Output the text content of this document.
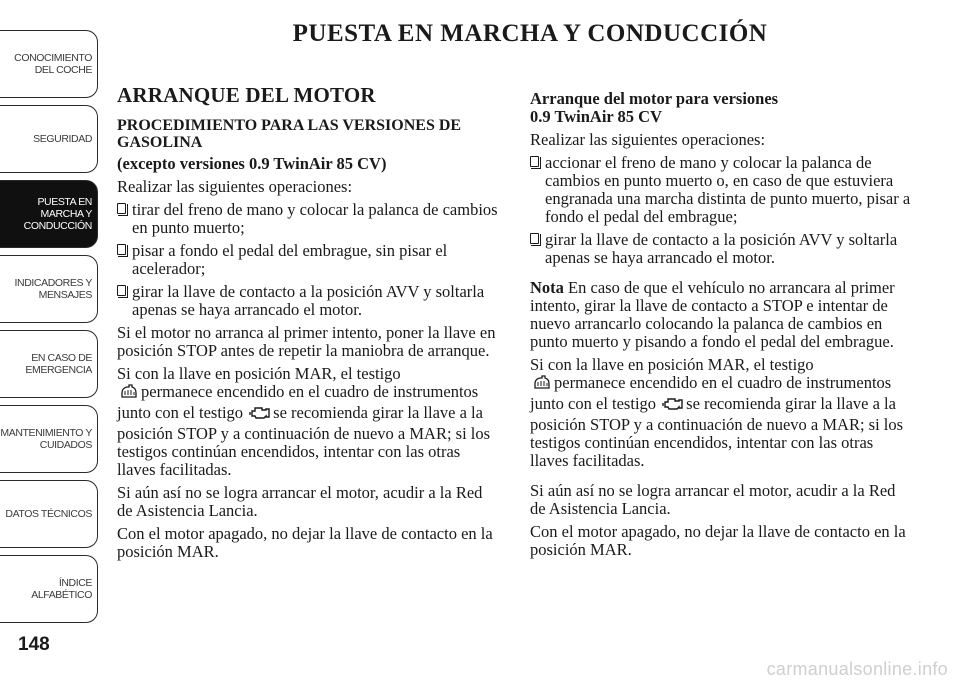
CONOCIMIENTO
DEL COCHE
SEGURIDAD
PUESTA EN
MARCHA Y
CONDUCCIÓN
INDICADORES Y
MENSAJES
EN CASO DE
EMERGENCIA
MANTENIMIENTO Y
CUIDADOS
DATOS TÉCNICOS
ÍNDICE
ALFABÉTICO
148
PUESTA EN MARCHA Y CONDUCCIÓN
ARRANQUE DEL MOTOR
PROCEDIMIENTO PARA LAS VERSIONES DE GASOLINA
(excepto versiones 0.9 TwinAir 85 CV)

Realizar las siguientes operaciones:

tirar del freno de mano y colocar la palanca de cambios en punto muerto;
pisar a fondo el pedal del embrague, sin pisar el acelerador;
girar la llave de contacto a la posición AVV y soltarla apenas se haya arrancado el motor.

Si el motor no arranca al primer intento, poner la llave en posición STOP antes de repetir la maniobra de arranque.

Si con la llave en posición MAR, el testigo
permanece encendido en el cuadro de instrumentos junto con el testigo se recomienda girar la llave a la posición STOP y a continuación de nuevo a MAR; si los testigos continúan encendidos, intentar con las otras llaves facilitadas.

Si aún así no se logra arrancar el motor, acudir a la Red de Asistencia Lancia.

Con el motor apagado, no dejar la llave de contacto en la posición MAR.

Arranque del motor para versiones
0.9 TwinAir 85 CV

Realizar las siguientes operaciones:

accionar el freno de mano y colocar la palanca de cambios en punto muerto o, en caso de que estuviera engranada una marcha distinta de punto muerto, pisar a fondo el pedal del embrague;
girar la llave de contacto a la posición AVV y soltarla apenas se haya arrancado el motor.

Nota En caso de que el vehículo no arrancara al primer intento, girar la llave de contacto a STOP e intentar de nuevo arrancarlo colocando la palanca de cambios en punto muerto y pisando a fondo el pedal del embrague.

Si con la llave en posición MAR, el testigo
permanece encendido en el cuadro de instrumentos junto con el testigo se recomienda girar la llave a la posición STOP y a continuación de nuevo a MAR; si los testigos continúan encendidos, intentar con las otras llaves facilitadas.

Si aún así no se logra arrancar el motor, acudir a la Red de Asistencia Lancia.

Con el motor apagado, no dejar la llave de contacto en la posición MAR.

carmanualsonline.info
